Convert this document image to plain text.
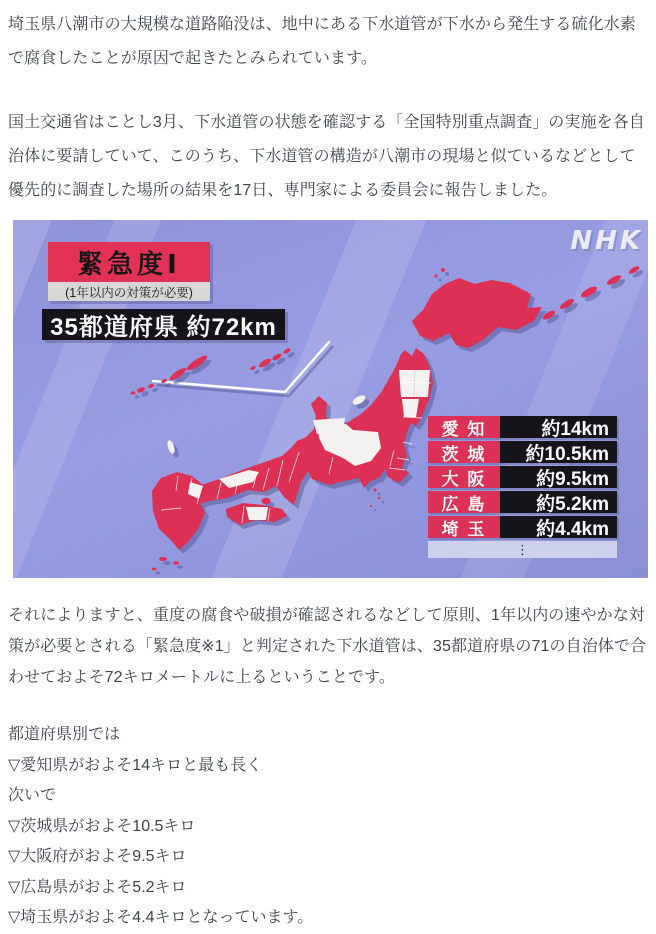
埼玉県八潮市の大規模な道路陥没は、地中にある下水道管が下水から発生する硫化水素で腐食したことが原因で起きたとみられています。

国土交通省はことし3月、下水道管の状態を確認する「全国特別重点調査」の実施を各自治体に要請していて、このうち、下水道管の構造が八潮市の現場と似ているなどとして優先的に調査した場所の結果を17日、専門家による委員会に報告しました。

NHK
緊急度Ⅰ
(1年以内の対策が必要)
35都道府県 約72km
愛 知	約14km
茨 城	約10.5km
大 阪	約9.5km
広 島	約5.2km
埼 玉	約4.4km
⋮

それによりますと、重度の腐食や破損が確認されるなどして原則、1年以内の速やかな対策が必要とされる「緊急度※1」と判定された下水道管は、35都道府県の71の自治体で合わせておよそ72キロメートルに上るということです。

都道府県別では

▽愛知県がおよそ14キロと最も長く

次いで

▽茨城県がおよそ10.5キロ

▽大阪府がおよそ9.5キロ

▽広島県がおよそ5.2キロ

▽埼玉県がおよそ4.4キロとなっています。
